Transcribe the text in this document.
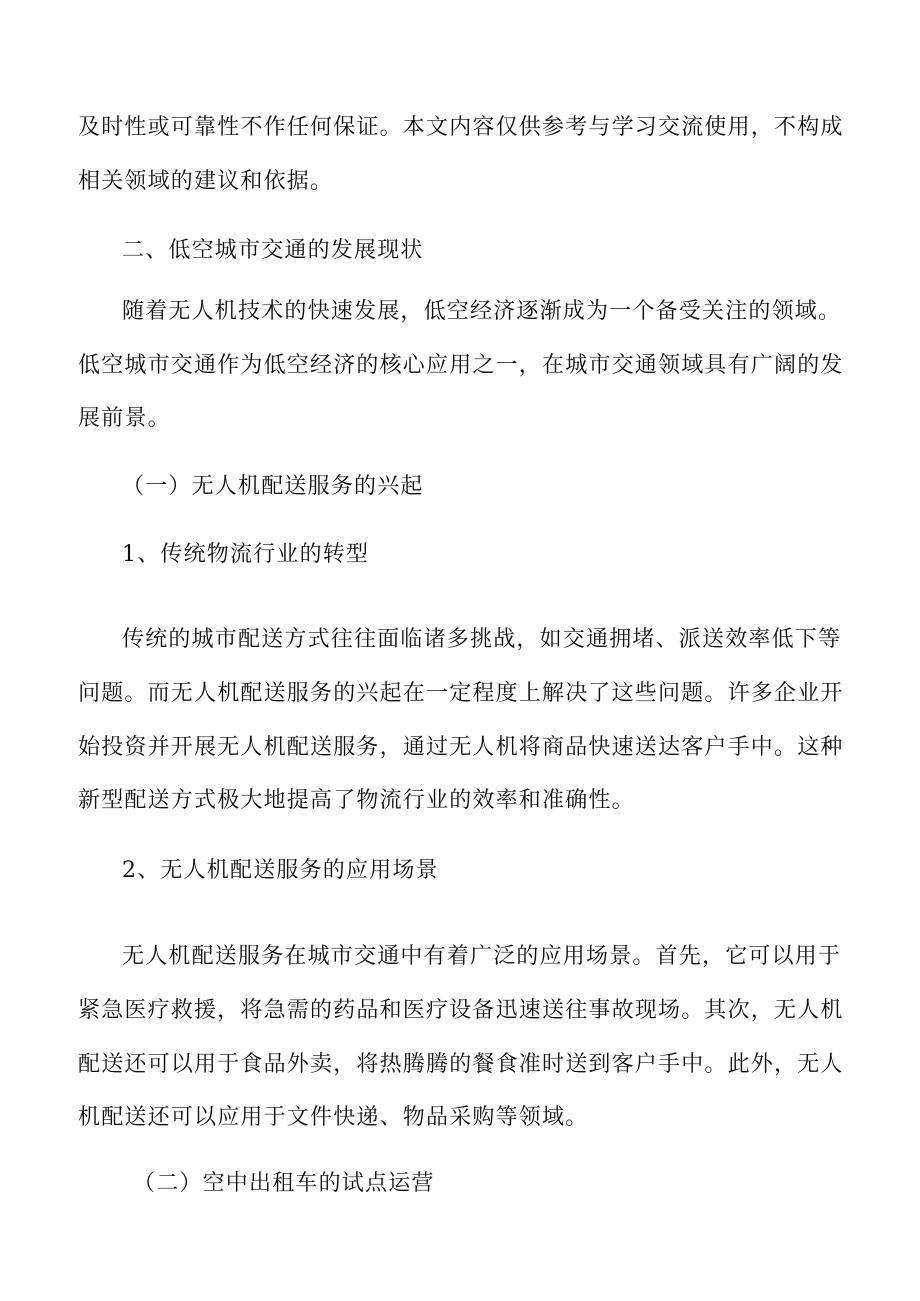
及时性或可靠性不作任何保证。本文内容仅供参考与学习交流使用，不构成

相关领域的建议和依据。

二、低空城市交通的发展现状

随着无人机技术的快速发展，低空经济逐渐成为一个备受关注的领域。

低空城市交通作为低空经济的核心应用之一，在城市交通领域具有广阔的发

展前景。

（一）无人机配送服务的兴起

1、传统物流行业的转型

传统的城市配送方式往往面临诸多挑战，如交通拥堵、派送效率低下等

问题。而无人机配送服务的兴起在一定程度上解决了这些问题。许多企业开

始投资并开展无人机配送服务，通过无人机将商品快速送达客户手中。这种

新型配送方式极大地提高了物流行业的效率和准确性。

2、无人机配送服务的应用场景

无人机配送服务在城市交通中有着广泛的应用场景。首先，它可以用于

紧急医疗救援，将急需的药品和医疗设备迅速送往事故现场。其次，无人机

配送还可以用于食品外卖，将热腾腾的餐食准时送到客户手中。此外，无人

机配送还可以应用于文件快递、物品采购等领域。

（二）空中出租车的试点运营
